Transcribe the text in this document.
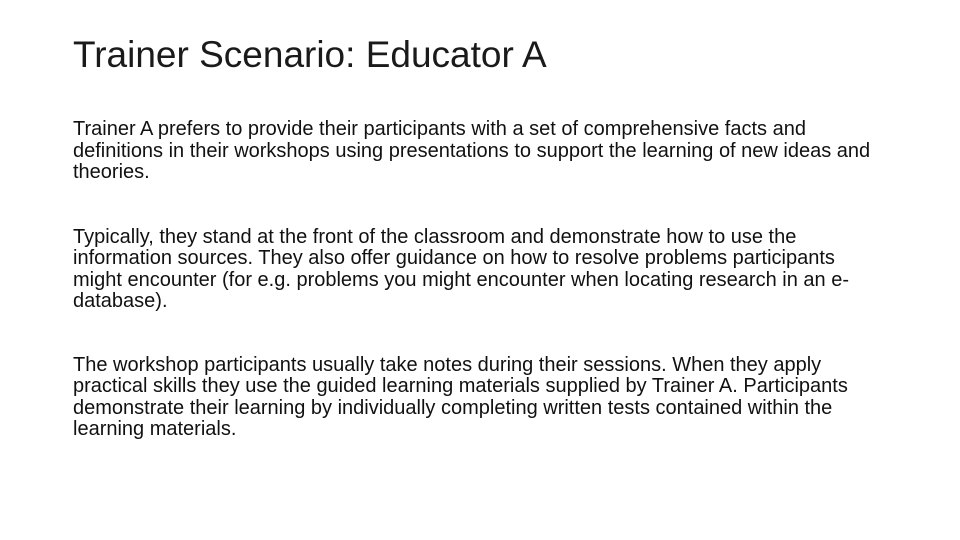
Trainer Scenario: Educator A

Trainer A prefers to provide their participants with a set of comprehensive facts and definitions in their workshops using presentations to support the learning of new ideas and theories.

Typically, they stand at the front of the classroom and demonstrate how to use the information sources. They also offer guidance on how to resolve problems participants might encounter (for e.g. problems you might encounter when locating research in an e-database).

The workshop participants usually take notes during their sessions. When they apply practical skills they use the guided learning materials supplied by Trainer A. Participants demonstrate their learning by individually completing written tests contained within the learning materials.
